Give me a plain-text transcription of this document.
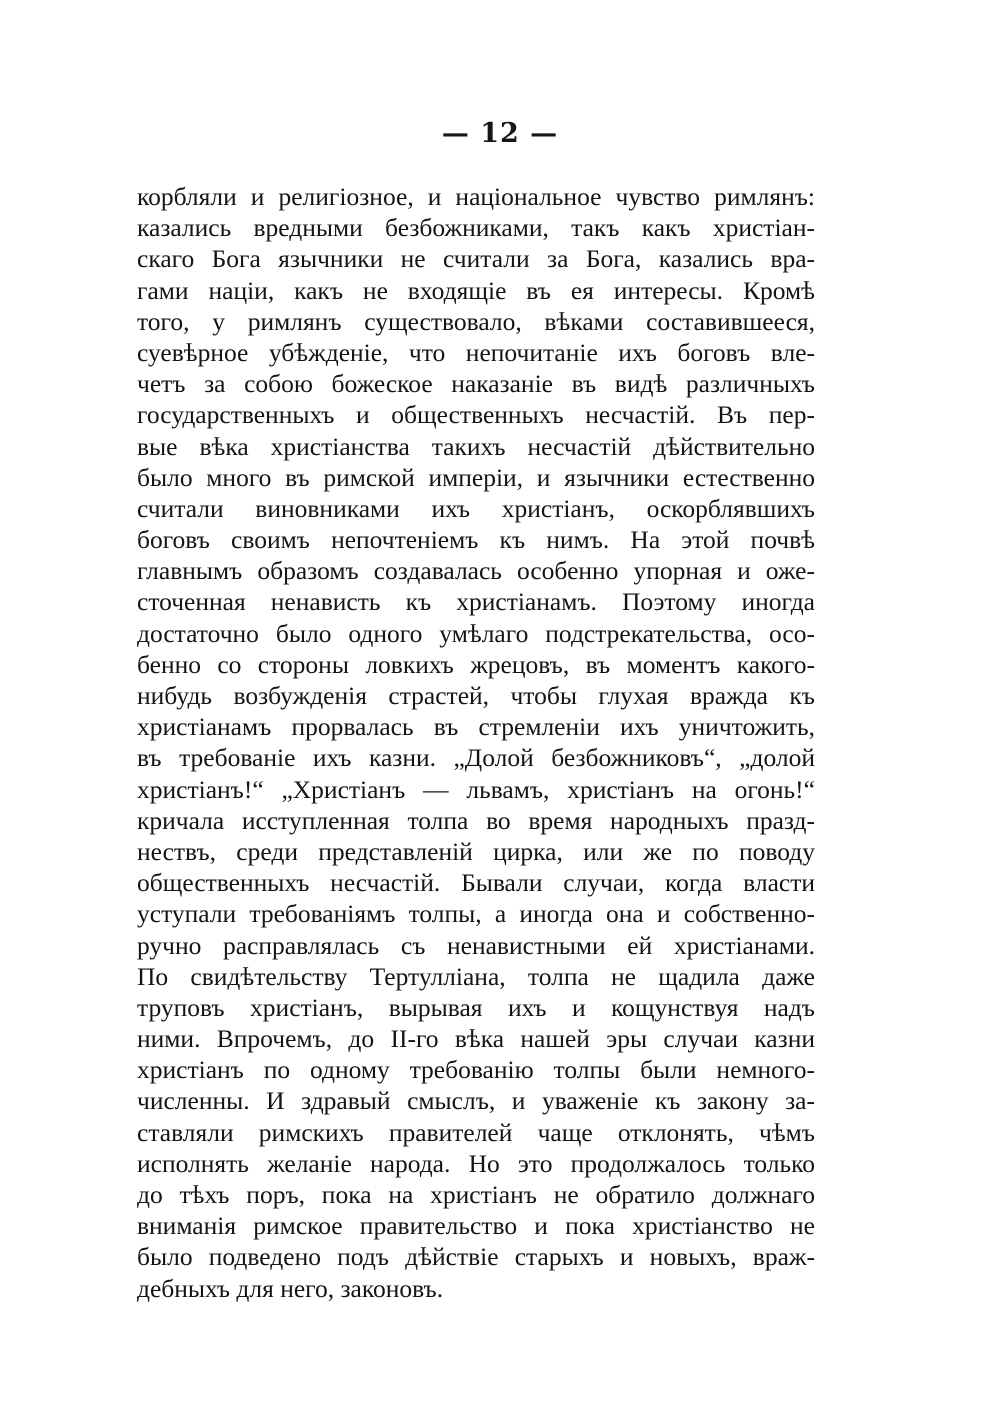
— 12 —
корбляли и религіозное, и національное чувство римлянъ:
казались вредными безбожниками, такъ какъ христіан-
скаго Бога язычники не считали за Бога, казались вра-
гами націи, какъ не входящіе въ ея интересы. Кромѣ
того, у римлянъ существовало, вѣками составившееся,
суевѣрное убѣжденіе, что непочитаніе ихъ боговъ вле-
четъ за собою божеское наказаніе въ видѣ различныхъ
государственныхъ и общественныхъ несчастій. Въ пер-
вые вѣка христіанства такихъ несчастій дѣйствительно
было много въ римской имперіи, и язычники естественно
считали виновниками ихъ христіанъ, оскорблявшихъ
боговъ своимъ непочтеніемъ къ нимъ. На этой почвѣ
главнымъ образомъ создавалась особенно упорная и оже-
сточенная ненависть къ христіанамъ. Поэтому иногда
достаточно было одного умѣлаго подстрекательства, осо-
бенно со стороны ловкихъ жрецовъ, въ моментъ какого-
нибудь возбужденія страстей, чтобы глухая вражда къ
христіанамъ прорвалась въ стремленіи ихъ уничтожить,
въ требованіе ихъ казни. „Долой безбожниковъ“, „долой
христіанъ!“ „Христіанъ — львамъ, христіанъ на огонь!“
кричала исступленная толпа во время народныхъ празд-
нествъ, среди представленій цирка, или же по поводу
общественныхъ несчастій. Бывали случаи, когда власти
уступали требованіямъ толпы, а иногда она и собственно-
ручно расправлялась съ ненавистными ей христіанами.
По свидѣтельству Тертулліана, толпа не щадила даже
труповъ христіанъ, вырывая ихъ и кощунствуя надъ
ними. Впрочемъ, до II-го вѣка нашей эры случаи казни
христіанъ по одному требованію толпы были немного-
численны. И здравый смыслъ, и уваженіе къ закону за-
ставляли римскихъ правителей чаще отклонять, чѣмъ
исполнять желаніе народа. Но это продолжалось только
до тѣхъ поръ, пока на христіанъ не обратило должнаго
вниманія римское правительство и пока христіанство не
было подведено подъ дѣйствіе старыхъ и новыхъ, враж-
дебныхъ для него, законовъ.
